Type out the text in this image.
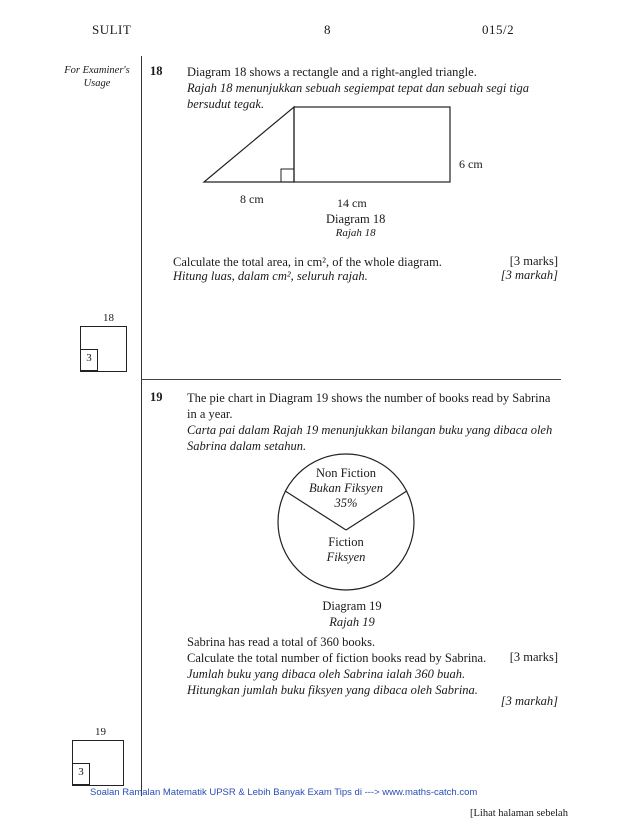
SULIT	8	015/2
For Examiner's
Usage
18 Diagram 18 shows a rectangle and a right-angled triangle.
Rajah 18 menunjukkan sebuah segiempat tepat dan sebuah segi tiga
bersudut tegak.
6 cm
8 cm	14 cm
Diagram 18
Rajah 18
Calculate the total area, in cm², of the whole diagram.
Hitung luas, dalam cm², seluruh rajah.
[3 marks]
[3 markah]
18
3
19 The pie chart in Diagram 19 shows the number of books read by Sabrina
in a year.
Carta pai dalam Rajah 19 menunjukkan bilangan buku yang dibaca oleh
Sabrina dalam setahun.
Non Fiction
Bukan Fiksyen
35%
Fiction
Fiksyen
Diagram 19
Rajah 19
Sabrina has read a total of 360 books.
Calculate the total number of fiction books read by Sabrina.
Jumlah buku yang dibaca oleh Sabrina ialah 360 buah.
Hitungkan jumlah buku fiksyen yang dibaca oleh Sabrina.
[3 marks]
[3 markah]
19
3
Soalan Ramalan Matematik UPSR & Lebih Banyak Exam Tips di ---> www.maths-catch.com
[Lihat halaman sebelah
